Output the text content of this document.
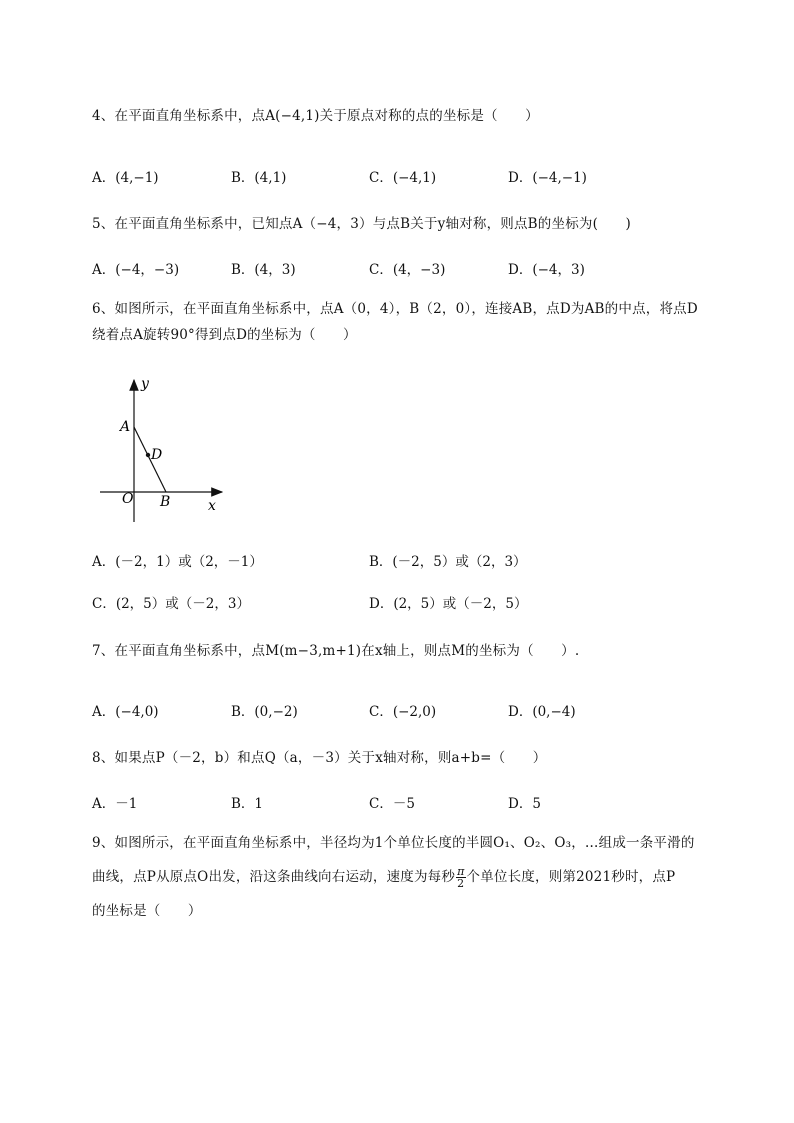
4、在平面直角坐标系中，点A(−4,1)关于原点对称的点的坐标是（　　）
A．(4,−1)	B．(4,1)	C．(−4,1)	D．(−4,−1)
5、在平面直角坐标系中，已知点A（−4，3）与点B关于y轴对称，则点B的坐标为(　　)
A．(−4，−3)	B．(4，3)	C．(4，−3)	D．(−4，3)
6、如图所示，在平面直角坐标系中，点A（0，4），B（2，0），连接AB，点D为AB的中点，将点D
绕着点A旋转90°得到点D的坐标为（　　）
y
x
A
D
O B
A．(－2，1）或（2，－1）	B．(－2，5）或（2，3）
C．(2，5）或（－2，3）	D．(2，5）或（－2，5）
7、在平面直角坐标系中，点M(m−3,m+1)在x轴上，则点M的坐标为（　　）.
A．(−4,0)	B．(0,−2)	C．(−2,0)	D．(0,−4)
8、如果点P（－2，b）和点Q（a，－3）关于x轴对称，则a+b=（　　）
A．－1	B．1	C．－5	D．5
9、如图所示，在平面直角坐标系中，半径均为1个单位长度的半圆O₁、O₂、O₃，…组成一条平滑的
曲线，点P从原点O出发，沿这条曲线向右运动，速度为每秒 $\frac{\pi}{2}$ 个单位长度，则第2021秒时，点P
的坐标是（　　）
